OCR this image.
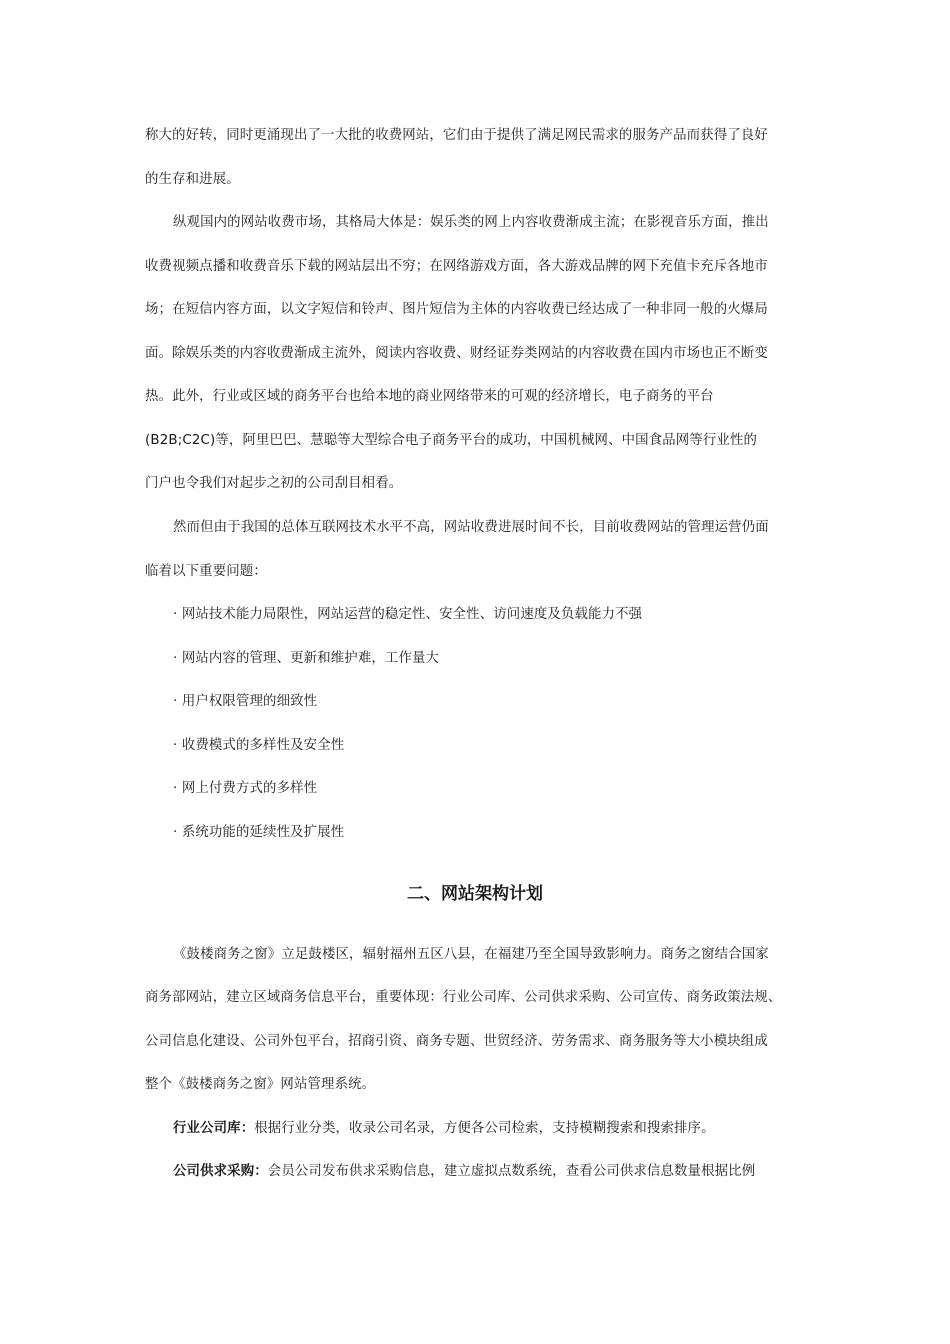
称大的好转，同时更涌现出了一大批的收费网站，它们由于提供了满足网民需求的服务产品而获得了良好
的生存和进展。
纵观国内的网站收费市场，其格局大体是：娱乐类的网上内容收费渐成主流；在影视音乐方面，推出
收费视频点播和收费音乐下载的网站层出不穷；在网络游戏方面，各大游戏品牌的网下充值卡充斥各地市
场；在短信内容方面，以文字短信和铃声、图片短信为主体的内容收费已经达成了一种非同一般的火爆局
面。除娱乐类的内容收费渐成主流外，阅读内容收费、财经证券类网站的内容收费在国内市场也正不断变
热。此外，行业或区域的商务平台也给本地的商业网络带来的可观的经济增长，电子商务的平台
(B2B;C2C)等，阿里巴巴、慧聪等大型综合电子商务平台的成功，中国机械网、中国食品网等行业性的
门户也令我们对起步之初的公司刮目相看。
然而但由于我国的总体互联网技术水平不高，网站收费进展时间不长，目前收费网站的管理运营仍面
临着以下重要问题：
· 网站技术能力局限性，网站运营的稳定性、安全性、访问速度及负载能力不强
· 网站内容的管理、更新和维护难，工作量大
· 用户权限管理的细致性
· 收费模式的多样性及安全性
· 网上付费方式的多样性
· 系统功能的延续性及扩展性
二、网站架构计划
《鼓楼商务之窗》立足鼓楼区，辐射福州五区八县，在福建乃至全国导致影响力。商务之窗结合国家
商务部网站，建立区域商务信息平台，重要体现：行业公司库、公司供求采购、公司宣传、商务政策法规、
公司信息化建设、公司外包平台，招商引资、商务专题、世贸经济、劳务需求、商务服务等大小模块组成
整个《鼓楼商务之窗》网站管理系统。
行业公司库：根据行业分类，收录公司名录，方便各公司检索，支持模糊搜索和搜索排序。
公司供求采购：会员公司发布供求采购信息，建立虚拟点数系统，查看公司供求信息数量根据比例
